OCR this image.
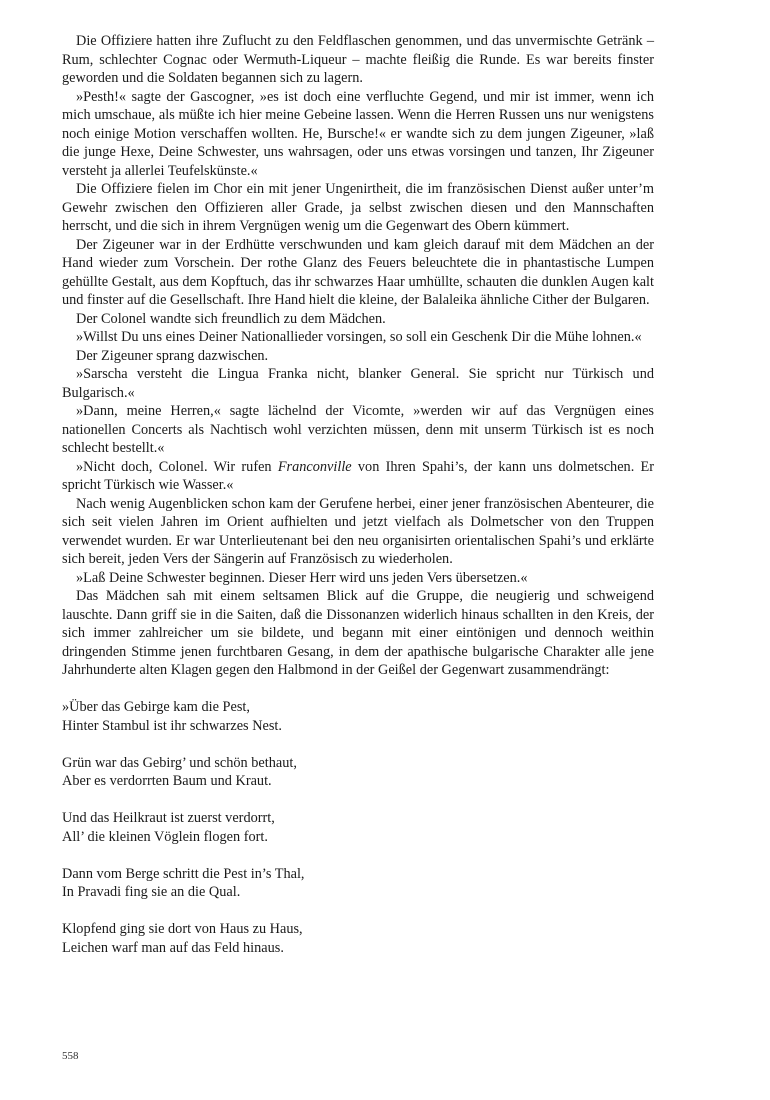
Die Offiziere hatten ihre Zuflucht zu den Feldflaschen genommen, und das unvermischte Getränk – Rum, schlechter Cognac oder Wermuth-Liqueur – machte fleißig die Runde. Es war bereits finster geworden und die Soldaten begannen sich zu lagern.

»Pesth!« sagte der Gascogner, »es ist doch eine verfluchte Gegend, und mir ist immer, wenn ich mich umschaue, als müßte ich hier meine Gebeine lassen. Wenn die Herren Russen uns nur wenigstens noch einige Motion verschaffen wollten. He, Bursche!« er wandte sich zu dem jungen Zigeuner, »laß die junge Hexe, Deine Schwester, uns wahrsagen, oder uns etwas vorsingen und tanzen, Ihr Zigeuner versteht ja allerlei Teufelskünste.«

Die Offiziere fielen im Chor ein mit jener Ungenirtheit, die im französischen Dienst außer unter’m Gewehr zwischen den Offizieren aller Grade, ja selbst zwischen diesen und den Mannschaften herrscht, und die sich in ihrem Vergnügen wenig um die Gegenwart des Obern kümmert.

Der Zigeuner war in der Erdhütte verschwunden und kam gleich darauf mit dem Mädchen an der Hand wieder zum Vorschein. Der rothe Glanz des Feuers beleuchtete die in phantastische Lumpen gehüllte Gestalt, aus dem Kopftuch, das ihr schwarzes Haar umhüllte, schauten die dunklen Augen kalt und finster auf die Gesellschaft. Ihre Hand hielt die kleine, der Balaleika ähnliche Cither der Bulgaren.

Der Colonel wandte sich freundlich zu dem Mädchen.

»Willst Du uns eines Deiner Nationallieder vorsingen, so soll ein Geschenk Dir die Mühe lohnen.«

Der Zigeuner sprang dazwischen.

»Sarscha versteht die Lingua Franka nicht, blanker General. Sie spricht nur Türkisch und Bulgarisch.«

»Dann, meine Herren,« sagte lächelnd der Vicomte, »werden wir auf das Vergnügen eines nationellen Concerts als Nachtisch wohl verzichten müssen, denn mit unserm Türkisch ist es noch schlecht bestellt.«

»Nicht doch, Colonel. Wir rufen Franconville von Ihren Spahi’s, der kann uns dolmetschen. Er spricht Türkisch wie Wasser.«

Nach wenig Augenblicken schon kam der Gerufene herbei, einer jener französischen Abenteurer, die sich seit vielen Jahren im Orient aufhielten und jetzt vielfach als Dolmetscher von den Truppen verwendet wurden. Er war Unterlieutenant bei den neu organisirten orientalischen Spahi’s und erklärte sich bereit, jeden Vers der Sängerin auf Französisch zu wiederholen.

»Laß Deine Schwester beginnen. Dieser Herr wird uns jeden Vers übersetzen.«

Das Mädchen sah mit einem seltsamen Blick auf die Gruppe, die neugierig und schweigend lauschte. Dann griff sie in die Saiten, daß die Dissonanzen widerlich hinaus schallten in den Kreis, der sich immer zahlreicher um sie bildete, und begann mit einer eintönigen und dennoch weithin dringenden Stimme jenen furchtbaren Gesang, in dem der apathische bulgarische Charakter alle jene Jahrhunderte alten Klagen gegen den Halbmond in der Geißel der Gegenwart zusammendrängt:

»Über das Gebirge kam die Pest,
Hinter Stambul ist ihr schwarzes Nest.
Grün war das Gebirg’ und schön bethaut,
Aber es verdorrten Baum und Kraut.
Und das Heilkraut ist zuerst verdorrt,
All’ die kleinen Vöglein flogen fort.
Dann vom Berge schritt die Pest in’s Thal,
In Pravadi fing sie an die Qual.
Klopfend ging sie dort von Haus zu Haus,
Leichen warf man auf das Feld hinaus.
558
